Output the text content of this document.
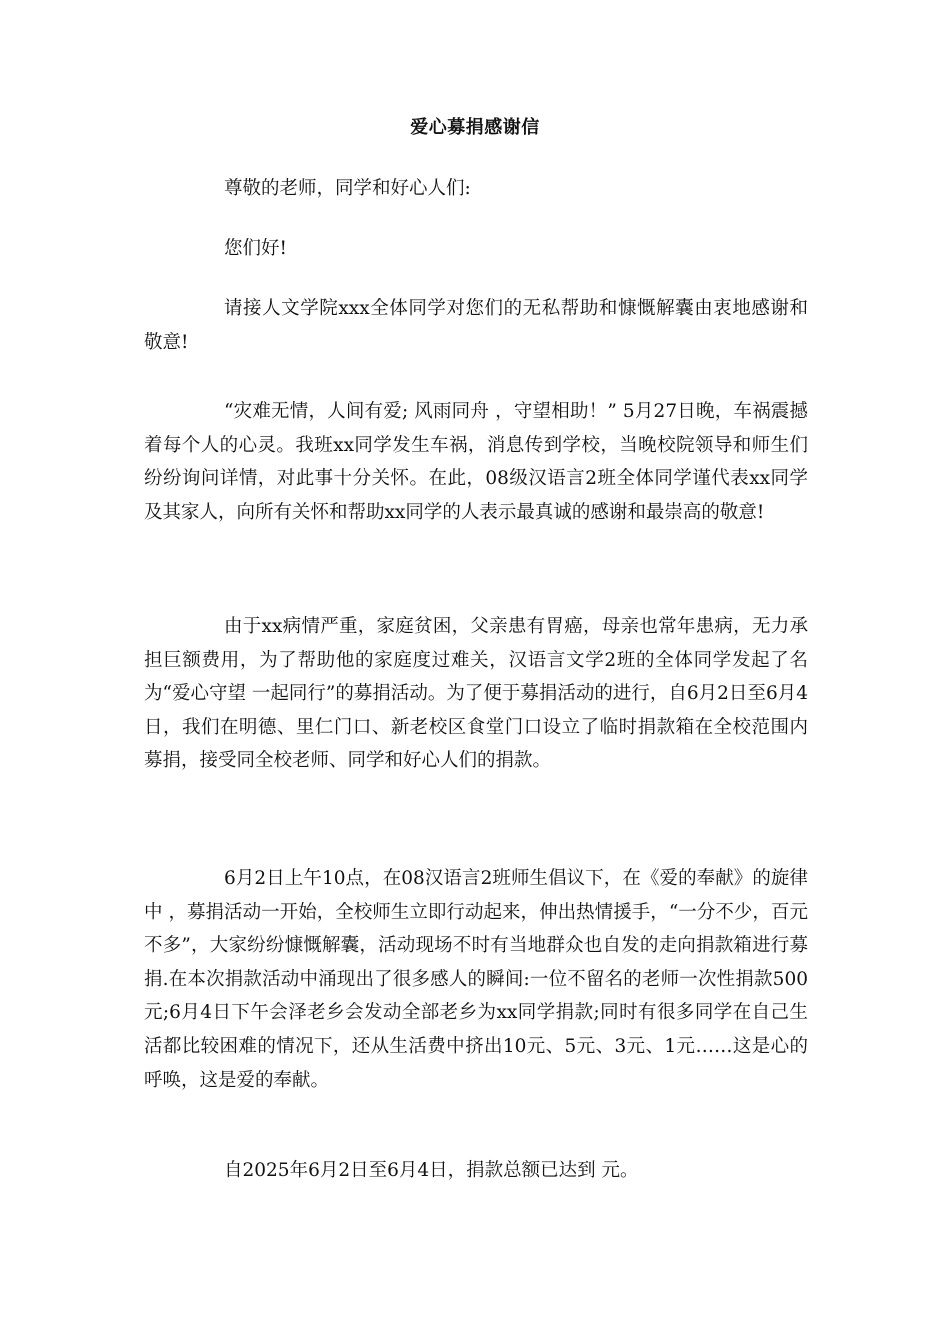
爱心募捐感谢信

尊敬的老师，同学和好心人们:

您们好!

请接人文学院xxx全体同学对您们的无私帮助和慷慨解囊由衷地感谢和敬意!

“灾难无情，人间有爱; 风雨同舟 ，守望相助！” 5月27日晚，车祸震撼着每个人的心灵。我班xx同学发生车祸，消息传到学校，当晚校院领导和师生们纷纷询问详情，对此事十分关怀。在此，08级汉语言2班全体同学谨代表xx同学及其家人，向所有关怀和帮助xx同学的人表示最真诚的感谢和最崇高的敬意!

由于xx病情严重，家庭贫困，父亲患有胃癌，母亲也常年患病，无力承担巨额费用，为了帮助他的家庭度过难关，汉语言文学2班的全体同学发起了名为“爱心守望 一起同行”的募捐活动。为了便于募捐活动的进行，自6月2日至6月4日，我们在明德、里仁门口、新老校区食堂门口设立了临时捐款箱在全校范围内募捐，接受同全校老师、同学和好心人们的捐款。

6月2日上午10点，在08汉语言2班师生倡议下，在《爱的奉献》的旋律中 ，募捐活动一开始，全校师生立即行动起来，伸出热情援手，“一分不少，百元不多”，大家纷纷慷慨解囊，活动现场不时有当地群众也自发的走向捐款箱进行募捐.在本次捐款活动中涌现出了很多感人的瞬间:一位不留名的老师一次性捐款500元;6月4日下午会泽老乡会发动全部老乡为xx同学捐款;同时有很多同学在自己生活都比较困难的情况下，还从生活费中挤出10元、5元、3元、1元……这是心的呼唤，这是爱的奉献。

自2025年6月2日至6月4日，捐款总额已达到 元。
